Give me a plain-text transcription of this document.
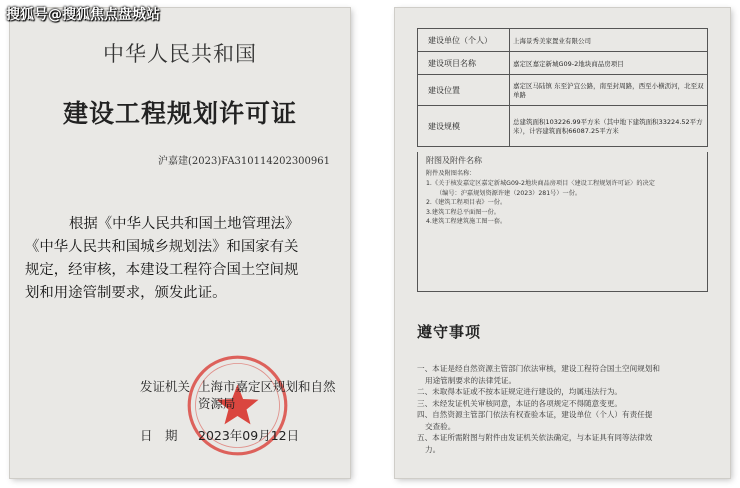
搜狐号@搜狐焦点盘城站
中华人民共和国
建设工程规划许可证
沪嘉建(2023)FA310114202300961

根据《中华人民共和国土地管理法》

《中华人民共和国城乡规划法》和国家有关

规定，经审核，本建设工程符合国土空间规

划和用途管制要求，颁发此证。

发证机关 上海市嘉定区规划和自然
资源局
日　期 2023年09月12日
建设单位（个人）	上海景秀美家置业有限公司
建设项目名称	嘉定区嘉定新城G09-2地块商品房项目
建设位置	嘉定区马陆镇 东至沪宜公路，南至封周路，西至小横沥河，北至双单路
建设规模	总建筑面积103226.99平方米（其中地下建筑面积33224.52平方米），计容建筑面积66087.25平方米
附图及附件名称
附件及附图名称：
1.《关于核发嘉定区嘉定新城G09-2地块商品房项目〈建设工程规划许可证〉的决定
（编号：沪嘉规划资源许建（2023）281号）一份。
2.《建筑工程项目表》一份。
3.建筑工程总平面图一份。
4.建筑工程建筑施工图一套。
遵守事项
一、本证是经自然资源主管部门依法审核，建设工程符合国土空间规划和
用途管制要求的法律凭证。
二、未取得本证或不按本证规定进行建设的，均属违法行为。
三、未经发证机关审核同意，本证的各项规定不得随意变更。
四、自然资源主管部门依法有权查验本证，建设单位（个人）有责任提
交查验。
五、本证所需附图与附件由发证机关依法确定，与本证具有同等法律效
力。
